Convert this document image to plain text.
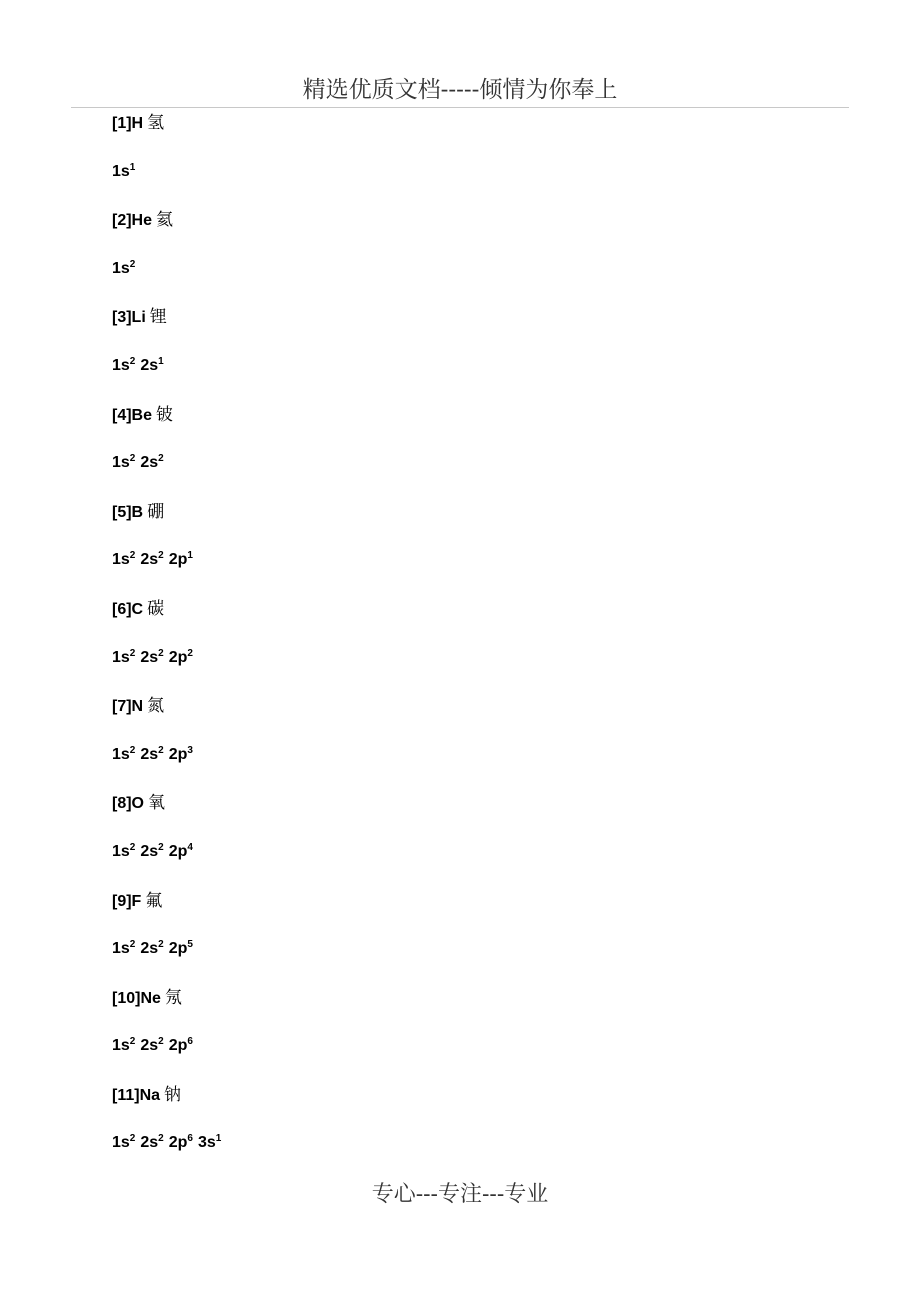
精选优质文档-----倾情为你奉上
[1]H 氢
$1s^1$
[2]He 氦
$1s^2$
[3]Li 锂
$1s^2$ $2s^1$
[4]Be 铍
$1s^2$ $2s^2$
[5]B 硼
$1s^2$ $2s^2$ $2p^1$
[6]C 碳
$1s^2$ $2s^2$ $2p^2$
[7]N 氮
$1s^2$ $2s^2$ $2p^3$
[8]O 氧
$1s^2$ $2s^2$ $2p^4$
[9]F 氟
$1s^2$ $2s^2$ $2p^5$
[10]Ne 氖
$1s^2$ $2s^2$ $2p^6$
[11]Na 钠
$1s^2$ $2s^2$ $2p^6$ $3s^1$
专心---专注---专业
